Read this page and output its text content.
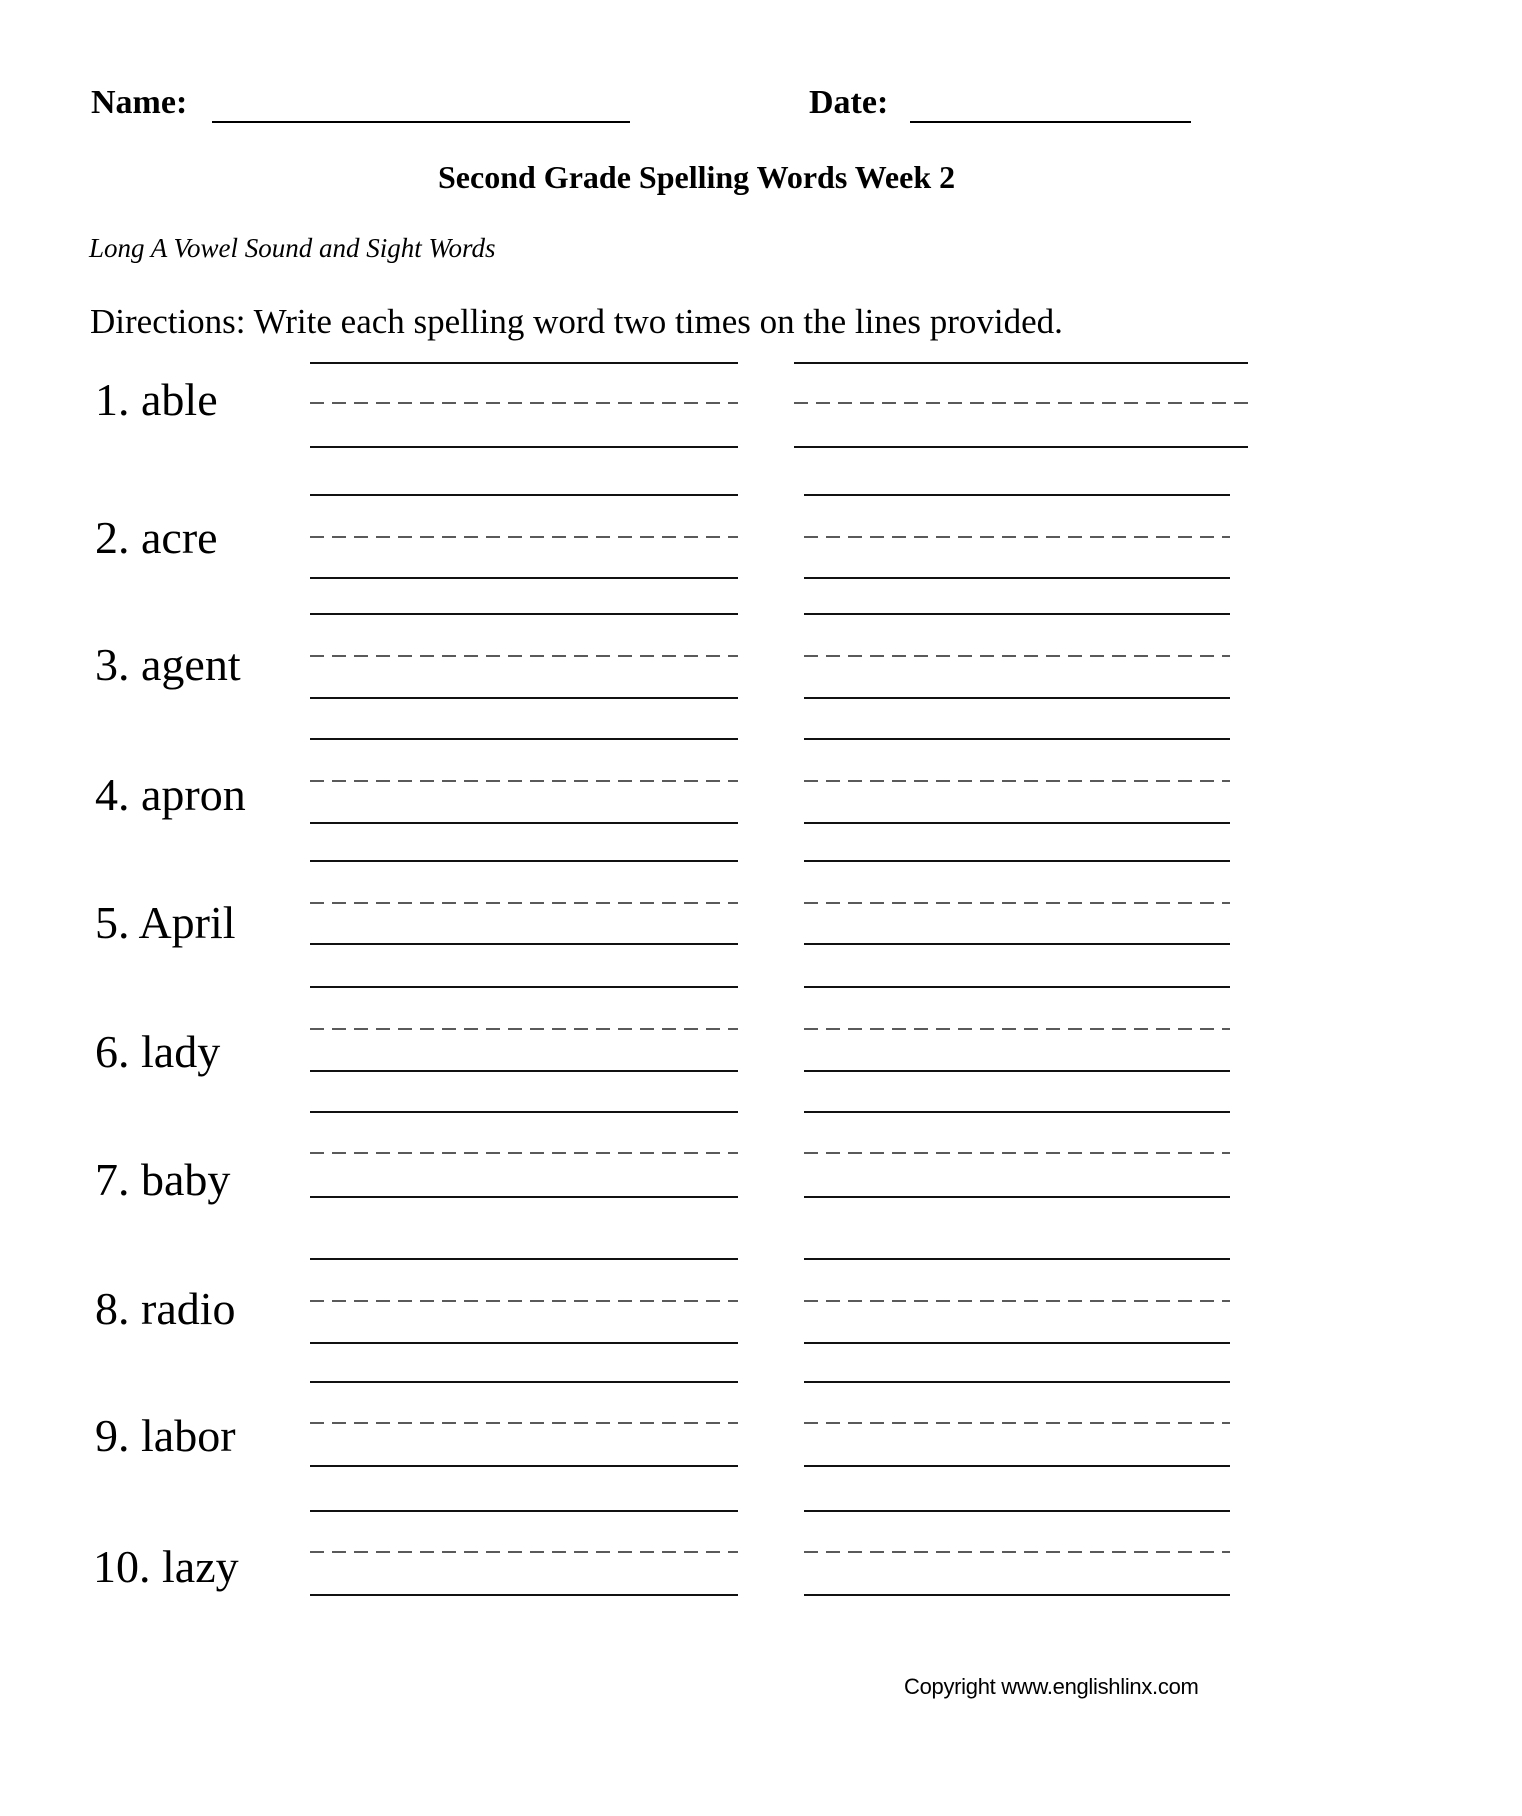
Name:	Date:
Second Grade Spelling Words Week 2
Long A Vowel Sound and Sight Words
Directions: Write each spelling word two times on the lines provided.
1. able
2. acre
3. agent
4. apron
5. April
6. lady
7. baby
8. radio
9. labor
10. lazy
Copyright www.englishlinx.com
